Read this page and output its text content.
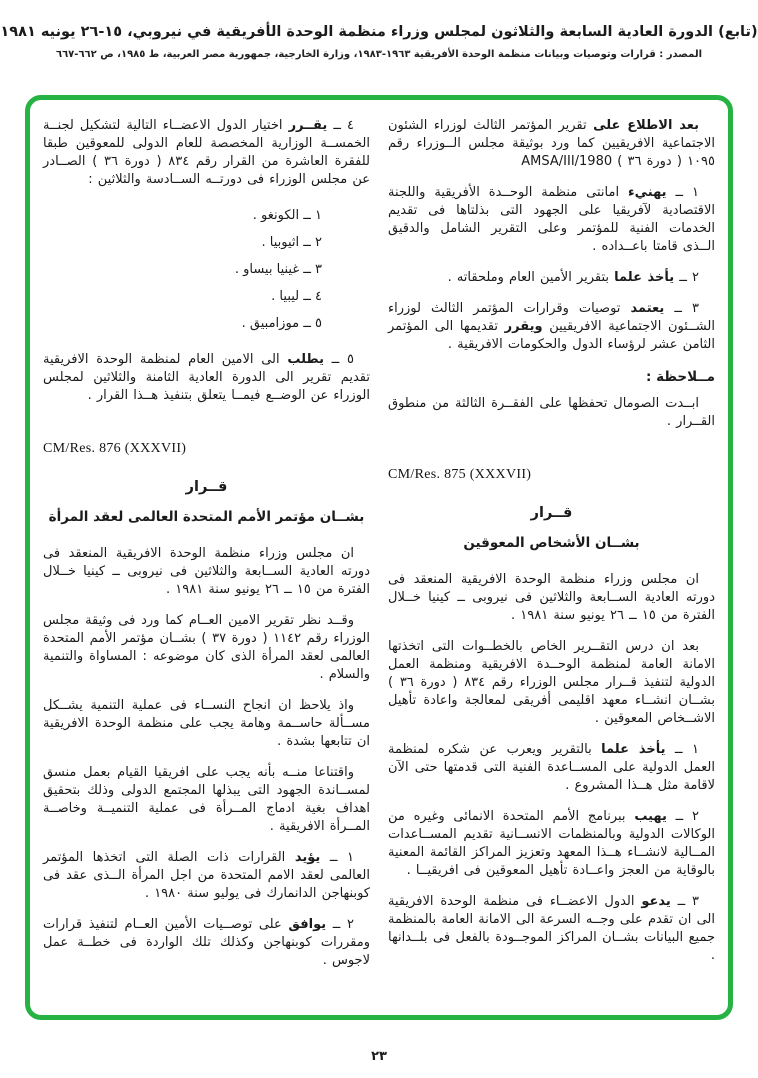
(تابع) الدورة العادية السابعة والثلاثون لمجلس وزراء منظمة الوحدة الأفريقية في نيروبي، ١٥-٢٦ يونيه ١٩٨١
المصدر : قرارات وتوصيات وبيانات منظمة الوحدة الأفريقية ١٩٦٣-١٩٨٣، وزارة الخارجية، جمهورية مصر العربية، ط ١٩٨٥، ص ٦٦٢-٦٦٧

بعد الاطلاع على تقرير المؤتمر الثالث لوزراء الشئون الاجتماعية الافريقيين كما ورد بوثيقة مجلس الــوزراء رقم ١٠٩٥ ( دورة ٣٦ ) AMSA/III/1980

١ ــ يهنيء امانتى منظمة الوحــدة الأفريقية واللجنة الاقتصادية لآفريقيا على الجهود التى بذلتاها فى تقديم الخدمات الفنية للمؤتمر وعلى التقرير الشامل والدقيق الــذى قامتا باعــداده .

٢ ــ يأخذ علما بتقرير الأمين العام وملحقاته .

٣ ــ يعتمد توصيات وقرارات المؤتمر الثالث لوزراء الشــئون الاجتماعية الافريقيين ويقرر تقديمها الى المؤتمر الثامن عشر لرؤساء الدول والحكومات الافريقية .

مــلاحظة :

ابــدت الصومال تحفظها على الفقــرة الثالثة من منطوق القــرار .

CM/Res. 875 (XXXVII)
قــرار
بشــان الأشخاص المعوقين

ان مجلس وزراء منظمة الوحدة الافريقية المنعقد فى دورته العادية الســابعة والثلاثين فى نيروبى ــ كينيا خــلال الفترة من ١٥ ــ ٢٦ يونيو سنة ١٩٨١ .

بعد ان درس التقــرير الخاص بالخطــوات التى اتخذتها الامانة العامة لمنظمة الوحــدة الافريقية ومنظمة العمل الدولية لتنفيذ قــرار مجلس الوزراء رقم ٨٣٤ ( دورة ٣٦ ) بشــان انشــاء معهد اقليمى أفريقى لمعالجة واعادة تأهيل الاشــخاص المعوقين .

١ ــ يأخذ علما بالتقرير ويعرب عن شكره لمنظمة العمل الدولية على المســاعدة الفنية التى قدمتها حتى الآن لاقامة مثل هــذا المشروع .

٢ ــ يهيب ببرنامج الأمم المتحدة الانمائى وغيره من الوكالات الدولية وبالمنظمات الانســانية تقديم المســاعدات المــالية لانشــاء هــذا المعهد وتعزيز المراكز القائمة المعنية بالوقاية من العجز واعــادة تأهيل المعوقين فى افريقيــا .

٣ ــ يدعو الدول الاعضــاء فى منظمة الوحدة الافريقية الى ان تقدم على وجــه السرعة الى الامانة العامة بالمنظمة جميع البيانات بشــان المراكز الموجــودة بالفعل فى بلــدانها .

٤ ــ يقــرر اختيار الدول الاعضــاء التالية لتشكيل لجنــة الخمســة الوزارية المخصصة للعام الدولى للمعوقين طبقا للفقرة العاشرة من القرار رقم ٨٣٤ ( دورة ٣٦ ) الصــادر عن مجلس الوزراء فى دورتــه الســادسة والثلاثين :

١ ــ الكونغو .
٢ ــ اثيوبيا .
٣ ــ غينيا بيساو .
٤ ــ ليبيا .
٥ ــ موزامبيق .

٥ ــ يطلب الى الامين العام لمنظمة الوحدة الافريقية تقديم تقرير الى الدورة العادية الثامنة والثلاثين لمجلس الوزراء عن الوضــع فيمــا يتعلق بتنفيذ هــذا القرار .

CM/Res. 876 (XXXVII)
قــرار
بشــان مؤتمر الأمم المتحدة العالمى لعقد المرأة

ان مجلس وزراء منظمة الوحدة الافريقية المنعقد فى دورته العادية الســابعة والثلاثين فى نيروبى ــ كينيا خــلال الفترة من ١٥ ــ ٢٦ يونيو سنة ١٩٨١ .

وقــد نظر تقرير الامين العــام كما ورد فى وثيقة مجلس الوزراء رقم ١١٤٢ ( دورة ٣٧ ) بشــان مؤتمر الأمم المتحدة العالمى لعقد المرأة الذى كان موضوعه : المساواة والتنمية والسلام .

واذ يلاحظ ان انجاح النســاء فى عملية التنمية يشــكل مســألة حاســمة وهامة يجب على منظمة الوحدة الافريقية ان تتابعها بشدة .

واقتناعا منــه بأنه يجب على افريقيا القيام بعمل منسق لمســاندة الجهود التى يبذلها المجتمع الدولى وذلك بتحقيق اهداف بغية ادماج المــرأة فى عملية التنميــة وخاصــة المــرأة الافريقية .

١ ــ يؤيد القرارات ذات الصلة التى اتخذها المؤتمر العالمى لعقد الامم المتحدة من اجل المرأة الــذى عقد فى كوبنهاجن الدانمارك فى يوليو سنة ١٩٨٠ .

٢ ــ يوافق على توصــيات الأمين العــام لتنفيذ قرارات ومقررات كوبنهاجن وكذلك تلك الواردة فى خطــة عمل لاجوس .

٢٣
